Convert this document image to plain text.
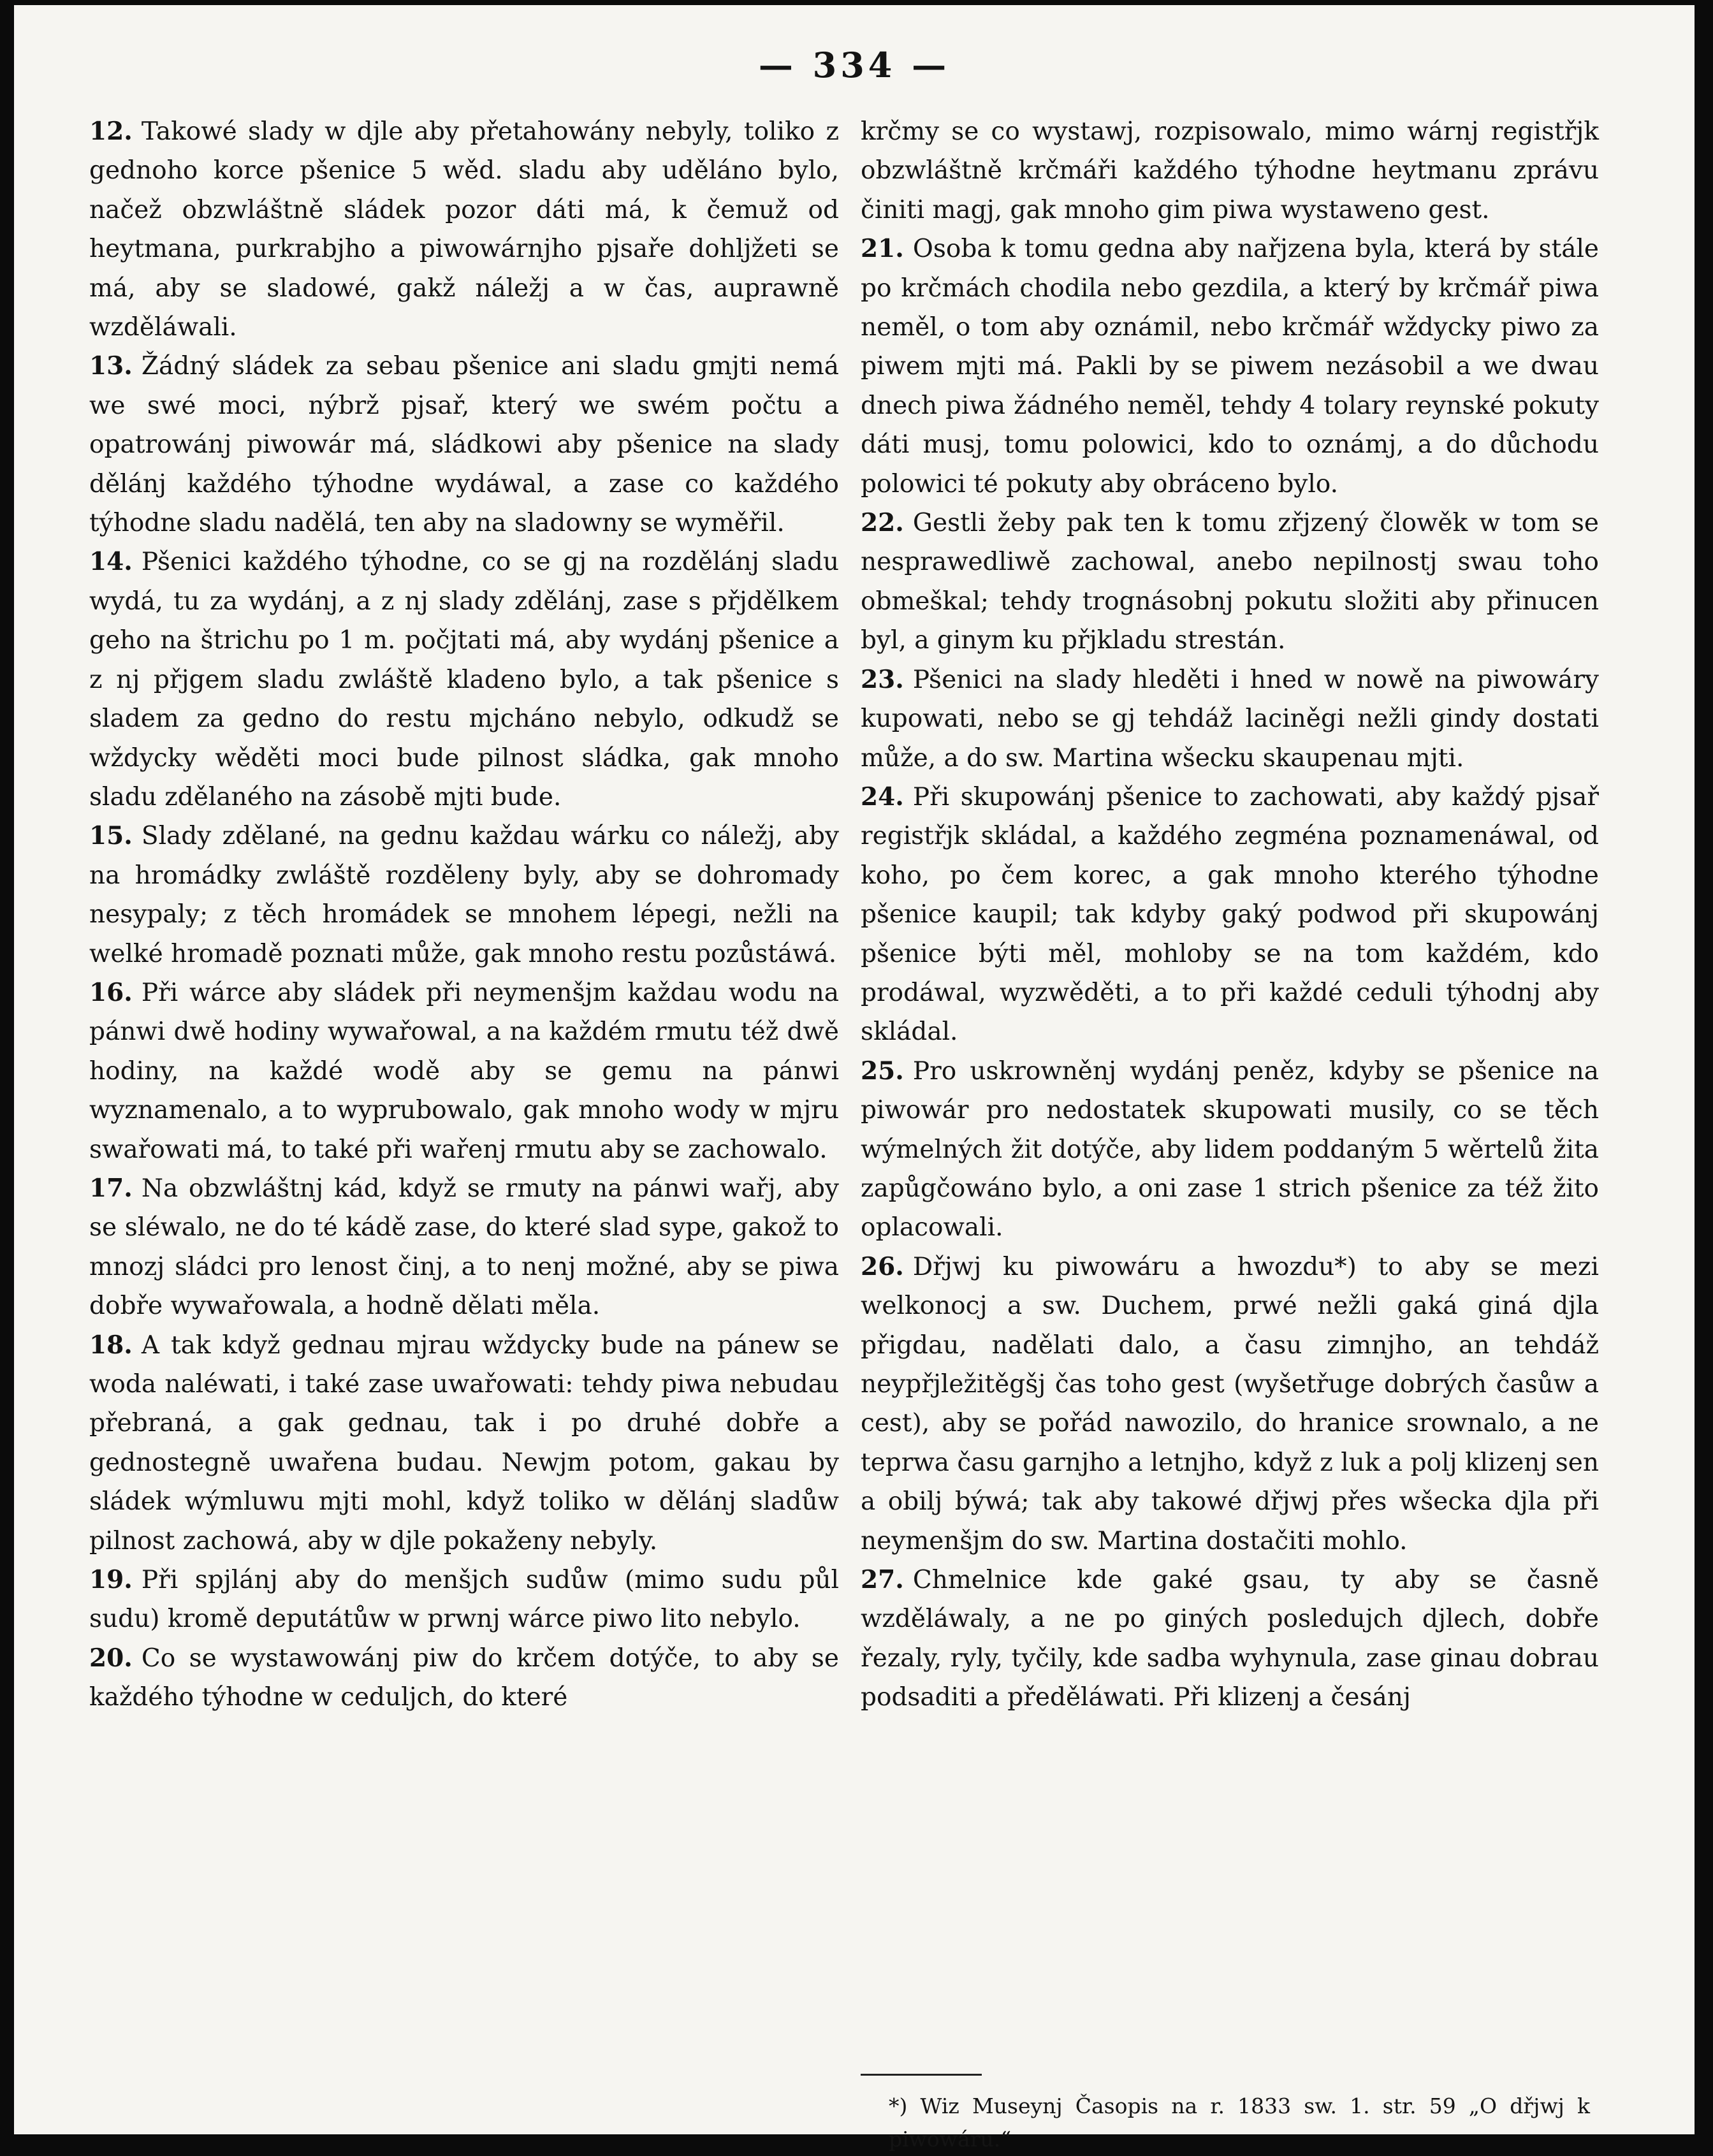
— 334 —

12. Takowé slady w djle aby přetahowány nebyly, toliko z gednoho korce pšenice 5 wěd. sladu aby uděláno bylo, načež obzwláštně sládek pozor dáti má, k čemuž od heytmana, purkrabjho a piwowárnjho pjsaře dohljžeti se má, aby se sladowé, gakž náležj a w čas, auprawně wzděláwali.

13. Žádný sládek za sebau pšenice ani sladu gmjti nemá we swé moci, nýbrž pjsař, který we swém počtu a opatrowánj piwowár má, sládkowi aby pšenice na slady dělánj každého týhodne wydáwal, a zase co každého týhodne sladu nadělá, ten aby na sladowny se wyměřil.

14. Pšenici každého týhodne, co se gj na rozdělánj sladu wydá, tu za wydánj, a z nj slady zdělánj, zase s přjdělkem geho na štrichu po 1 m. počjtati má, aby wydánj pšenice a z nj přjgem sladu zwláště kladeno bylo, a tak pšenice s sladem za gedno do restu mjcháno nebylo, odkudž se wždycky wěděti moci bude pilnost sládka, gak mnoho sladu zdělaného na zásobě mjti bude.

15. Slady zdělané, na gednu každau wárku co náležj, aby na hromádky zwláště rozděleny byly, aby se dohromady nesypaly; z těch hromádek se mnohem lépegi, nežli na welké hromadě poznati může, gak mnoho restu pozůstáwá.

16. Při wárce aby sládek při neymenšjm každau wodu na pánwi dwě hodiny wywařowal, a na každém rmutu též dwě hodiny, na každé wodě aby se gemu na pánwi wyznamenalo, a to wyprubowalo, gak mnoho wody w mjru swařowati má, to také při wařenj rmutu aby se zachowalo.

17. Na obzwláštnj kád, když se rmuty na pánwi wařj, aby se sléwalo, ne do té kádě zase, do které slad sype, gakož to mnozj sládci pro lenost činj, a to nenj možné, aby se piwa dobře wywařowala, a hodně dělati měla.

18. A tak když gednau mjrau wždycky bude na pánew se woda naléwati, i také zase uwařowati: tehdy piwa nebudau přebraná, a gak gednau, tak i po druhé dobře a gednostegně uwařena budau. Newjm potom, gakau by sládek wýmluwu mjti mohl, když toliko w dělánj sladůw pilnost zachowá, aby w djle pokaženy nebyly.

19. Při spjlánj aby do menšjch sudůw (mimo sudu půl sudu) kromě deputátůw w prwnj wárce piwo lito nebylo.

20. Co se wystawowánj piw do krčem dotýče, to aby se každého týhodne w ceduljch, do které

krčmy se co wystawj, rozpisowalo, mimo wárnj registřjk obzwláštně krčmáři každého týhodne heytmanu zprávu činiti magj, gak mnoho gim piwa wystaweno gest.

21. Osoba k tomu gedna aby nařjzena byla, která by stále po krčmách chodila nebo gezdila, a který by krčmář piwa neměl, o tom aby oznámil, nebo krčmář wždycky piwo za piwem mjti má. Pakli by se piwem nezásobil a we dwau dnech piwa žádného neměl, tehdy 4 tolary reynské pokuty dáti musj, tomu polowici, kdo to oznámj, a do důchodu polowici té pokuty aby obráceno bylo.

22. Gestli žeby pak ten k tomu zřjzený člowěk w tom se nesprawedliwě zachowal, anebo nepilnostj swau toho obmeškal; tehdy trognásobnj pokutu složiti aby přinucen byl, a ginym ku přjkladu strestán.

23. Pšenici na slady hleděti i hned w nowě na piwowáry kupowati, nebo se gj tehdáž laciněgi nežli gindy dostati může, a do sw. Martina wšecku skaupenau mjti.

24. Při skupowánj pšenice to zachowati, aby každý pjsař registřjk skládal, a každého zegména poznamenáwal, od koho, po čem korec, a gak mnoho kterého týhodne pšenice kaupil; tak kdyby gaký podwod při skupowánj pšenice býti měl, mohloby se na tom každém, kdo prodáwal, wyzwěděti, a to při každé ceduli týhodnj aby skládal.

25. Pro uskrowněnj wydánj peněz, kdyby se pšenice na piwowár pro nedostatek skupowati musily, co se těch wýmelných žit dotýče, aby lidem poddaným 5 wěrtelů žita zapůgčowáno bylo, a oni zase 1 strich pšenice za též žito oplacowali.

26. Dřjwj ku piwowáru a hwozdu*) to aby se mezi welkonocj a sw. Duchem, prwé nežli gaká giná djla přigdau, nadělati dalo, a času zimnjho, an tehdáž neypřjležitěgšj čas toho gest (wyšetřuge dobrých časůw a cest), aby se pořád nawozilo, do hranice srownalo, a ne teprwa času garnjho a letnjho, když z luk a polj klizenj sen a obilj býwá; tak aby takowé dřjwj přes wšecka djla při neymenšjm do sw. Martina dostačiti mohlo.

27. Chmelnice kde gaké gsau, ty aby se časně wzděláwaly, a ne po giných posledujch djlech, dobře řezaly, ryly, tyčily, kde sadba wyhynula, zase ginau dobrau podsaditi a předěláwati. Při klizenj a česánj

*) Wiz Museynj Časopis na r. 1833 sw. 1. str. 59 „O dřjwj k piwowáru.“
